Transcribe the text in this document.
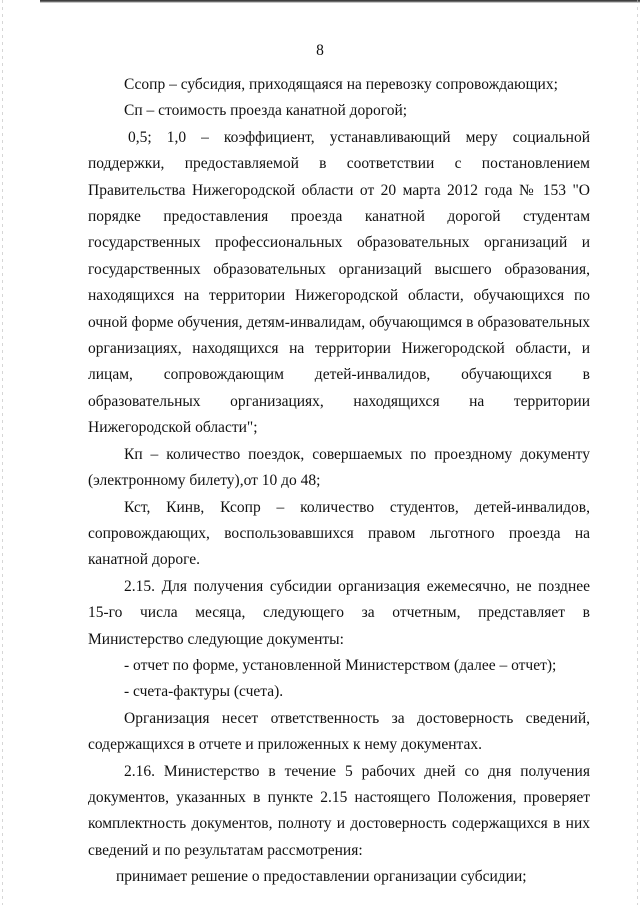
8

Ссопр – субсидия, приходящаяся на перевозку сопровождающих;

Сп – стоимость проезда канатной дорогой;

0,5; 1,0 – коэффициент, устанавливающий меру социальной поддержки, предоставляемой в соответствии с постановлением Правительства Нижегородской области от 20 марта 2012 года № 153 "О порядке предоставления проезда канатной дорогой студентам государственных профессиональных образовательных организаций и государственных образовательных организаций высшего образования, находящихся на территории Нижегородской области, обучающихся по очной форме обучения, детям-инвалидам, обучающимся в образовательных организациях, находящихся на территории Нижегородской области, и лицам, сопровождающим детей-инвалидов, обучающихся в образовательных организациях, находящихся на территории Нижегородской области";

Кп – количество поездок, совершаемых по проездному документу (электронному билету),от 10 до 48;

Кст, Кинв, Ксопр – количество студентов, детей-инвалидов, сопровождающих, воспользовавшихся правом льготного проезда на канатной дороге.

2.15. Для получения субсидии организация ежемесячно, не позднее 15-го числа месяца, следующего за отчетным, представляет в Министерство следующие документы:

- отчет по форме, установленной Министерством (далее – отчет);

- счета-фактуры (счета).

Организация несет ответственность за достоверность сведений, содержащихся в отчете и приложенных к нему документах.

2.16. Министерство в течение 5 рабочих дней со дня получения документов, указанных в пункте 2.15 настоящего Положения, проверяет комплектность документов, полноту и достоверность содержащихся в них сведений и по результатам рассмотрения:

принимает решение о предоставлении организации субсидии;
